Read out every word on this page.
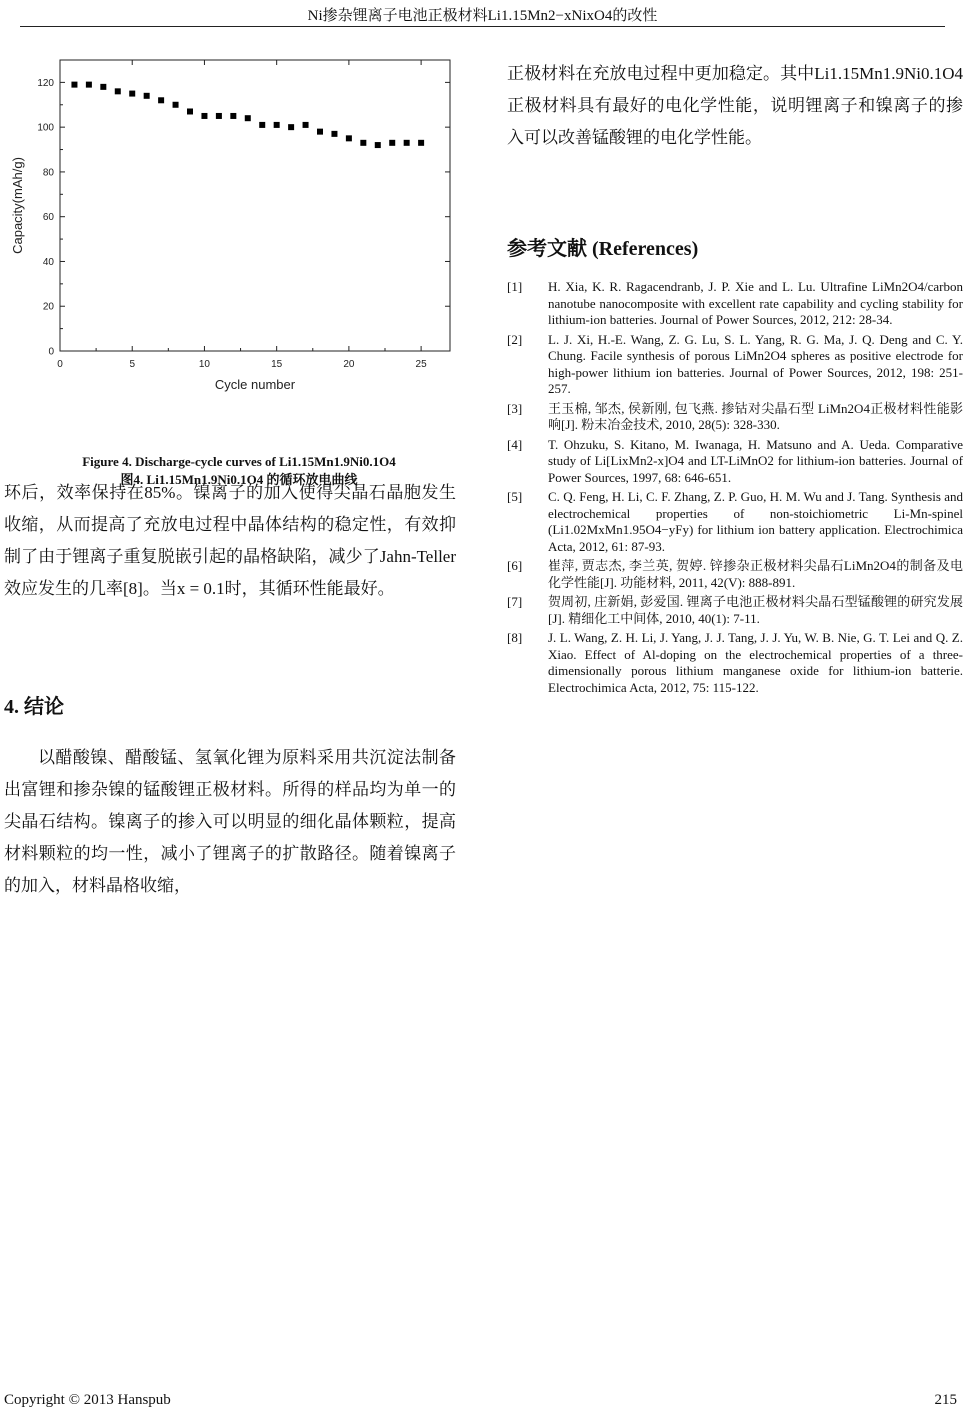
Ni掺杂锂离子电池正极材料Li1.15Mn2−xNixO4的改性
0
20
40
60
80
100
120
0	5	10	15	20	25
Cycle number
Capacity(mAh/g)
Figure 4. Discharge-cycle curves of Li1.15Mn1.9Ni0.1O4
图4. Li1.15Mn1.9Ni0.1O4 的循环放电曲线

环后，效率保持在85%。镍离子的加入使得尖晶石晶胞发生收缩，从而提高了充放电过程中晶体结构的稳定性，有效抑制了由于锂离子重复脱嵌引起的晶格缺陷，减少了Jahn-Teller效应发生的几率[8]。当x = 0.1时，其循环性能最好。

4. 结论

以醋酸镍、醋酸锰、氢氧化锂为原料采用共沉淀法制备出富锂和掺杂镍的锰酸锂正极材料。所得的样品均为单一的尖晶石结构。镍离子的掺入可以明显的细化晶体颗粒，提高材料颗粒的均一性，减小了锂离子的扩散路径。随着镍离子的加入，材料晶格收缩，

正极材料在充放电过程中更加稳定。其中Li1.15Mn1.9Ni0.1O4正极材料具有最好的电化学性能，说明锂离子和镍离子的掺入可以改善锰酸锂的电化学性能。

参考文献 (References)
[1]	H. Xia, K. R. Ragacendranb, J. P. Xie and L. Lu. Ultrafine LiMn2O4/carbon nanotube nanocomposite with excellent rate capability and cycling stability for lithium-ion batteries. Journal of Power Sources, 2012, 212: 28-34.
[2]	L. J. Xi, H.-E. Wang, Z. G. Lu, S. L. Yang, R. G. Ma, J. Q. Deng and C. Y. Chung. Facile synthesis of porous LiMn2O4 spheres as positive electrode for high-power lithium ion batteries. Journal of Power Sources, 2012, 198: 251-257.
[3]	王玉棉, 邹杰, 侯新刚, 包飞燕. 掺钴对尖晶石型 LiMn2O4正极材料性能影响[J]. 粉末冶金技术, 2010, 28(5): 328-330.
[4]	T. Ohzuku, S. Kitano, M. Iwanaga, H. Matsuno and A. Ueda. Comparative study of Li[LixMn2-x]O4 and LT-LiMnO2 for lithium-ion batteries. Journal of Power Sources, 1997, 68: 646-651.
[5]	C. Q. Feng, H. Li, C. F. Zhang, Z. P. Guo, H. M. Wu and J. Tang. Synthesis and electrochemical properties of non-stoichiometric Li-Mn-spinel (Li1.02MxMn1.95O4−yFy) for lithium ion battery application. Electrochimica Acta, 2012, 61: 87-93.
[6]	崔萍, 贾志杰, 李兰英, 贺婷. 锌掺杂正极材料尖晶石LiMn2O4的制备及电化学性能[J]. 功能材料, 2011, 42(V): 888-891.
[7]	贺周初, 庄新娟, 彭爱国. 锂离子电池正极材料尖晶石型锰酸锂的研究发展[J]. 精细化工中间体, 2010, 40(1): 7-11.
[8]	J. L. Wang, Z. H. Li, J. Yang, J. J. Tang, J. J. Yu, W. B. Nie, G. T. Lei and Q. Z. Xiao. Effect of Al-doping on the electrochemical properties of a three-dimensionally porous lithium manganese oxide for lithium-ion batterie. Electrochimica Acta, 2012, 75: 115-122.
Copyright © 2013 Hanspub	215
